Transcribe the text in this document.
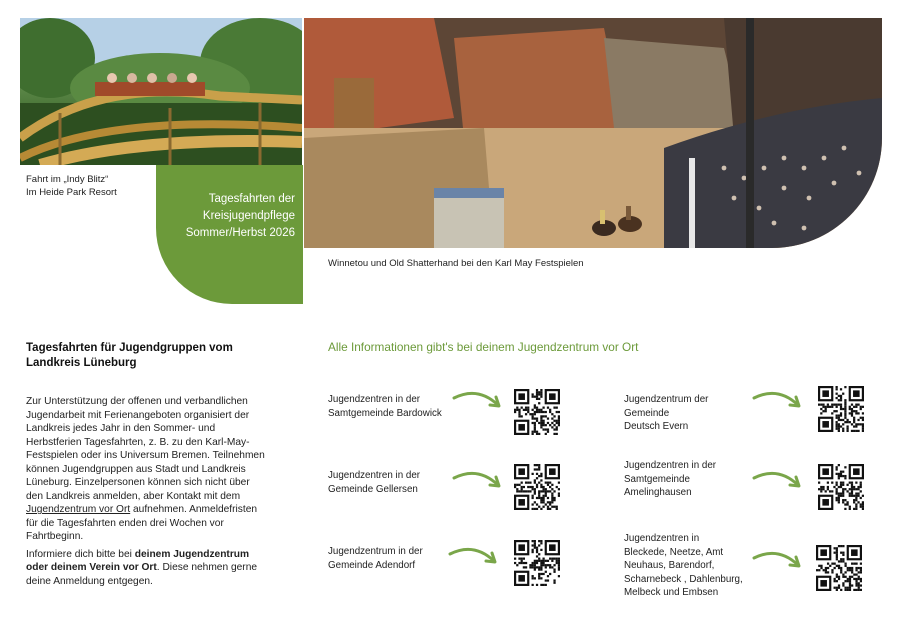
Tagesfahrten der
Kreisjugendpflege
Sommer/Herbst 2026
Fahrt im „Indy Blitz“
Im Heide Park Resort
Winnetou und Old Shatterhand bei den Karl May Festspielen
Tagesfahrten für Jugendgruppen vom
Landkreis Lüneburg

Zur Unterstützung der offenen und verbandlichen Jugendarbeit mit Ferienangeboten organisiert der Landkreis jedes Jahr in den Sommer- und Herbstferien Tagesfahrten, z. B. zu den Karl-May-Festspielen oder ins Universum Bremen. Teilnehmen können Jugendgruppen aus Stadt und Landkreis Lüneburg. Einzelpersonen können sich nicht über den Landkreis anmelden, aber Kontakt mit dem Jugendzentrum vor Ort aufnehmen. Anmeldefristen für die Tagesfahrten enden drei Wochen vor Fahrtbeginn.

Informiere dich bitte bei deinem Jugendzentrum oder deinem Verein vor Ort. Diese nehmen gerne deine Anmeldung entgegen.

Alle Informationen gibt's bei deinem Jugendzentrum vor Ort
Jugendzentren in der
Samtgemeinde Bardowick
Jugendzentren in der
Gemeinde Gellersen
Jugendzentrum in der
Gemeinde Adendorf
Jugendzentrum der
Gemeinde
Deutsch Evern
Jugendzentren in der
Samtgemeinde
Amelinghausen
Jugendzentren in
Bleckede, Neetze, Amt
Neuhaus, Barendorf,
Scharnebeck , Dahlenburg,
Melbeck und Embsen
